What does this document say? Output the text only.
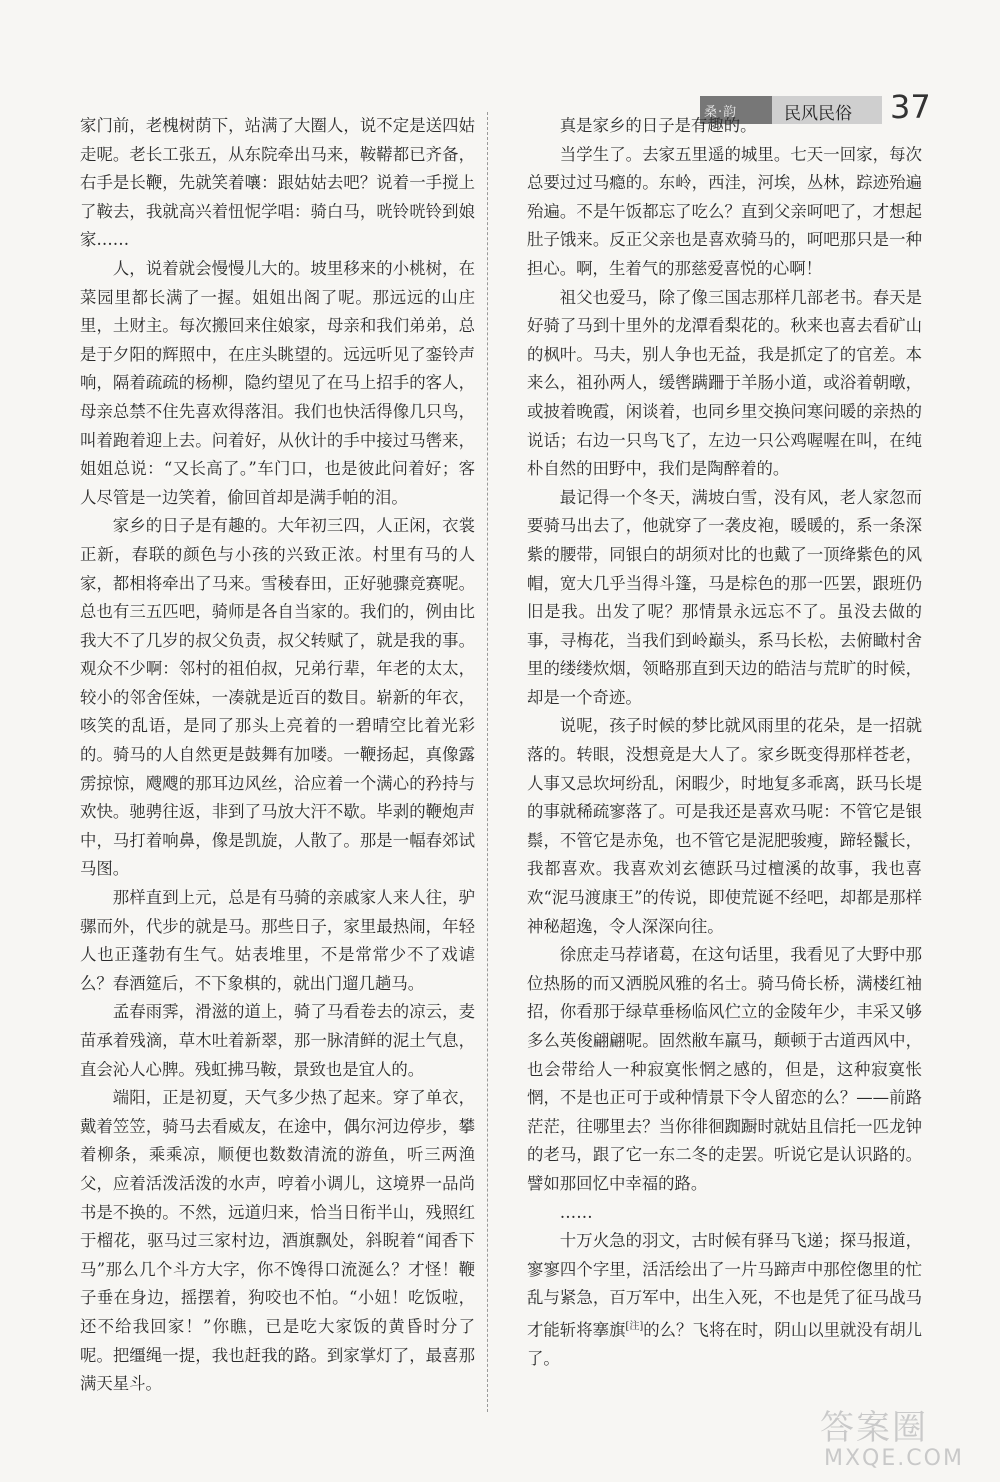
桑·韵	民风民俗 37

家门前，老槐树荫下，站满了大圈人，说不定是送四姑走呢。老长工张五，从东院牵出马来，鞍鞯都已齐备，右手是长鞭，先就笑着嚷：跟姑姑去吧？说着一手搅上了鞍去，我就高兴着忸怩学唱：骑白马，咣铃咣铃到娘家……

人，说着就会慢慢儿大的。坡里移来的小桃树，在菜园里都长满了一握。姐姐出阁了呢。那远远的山庄里，土财主。每次搬回来住娘家，母亲和我们弟弟，总是于夕阳的辉照中，在庄头眺望的。远远听见了銮铃声响，隔着疏疏的杨柳，隐约望见了在马上招手的客人，母亲总禁不住先喜欢得落泪。我们也快活得像几只鸟，叫着跑着迎上去。问着好，从伙计的手中接过马辔来，姐姐总说：“又长高了。”车门口，也是彼此问着好；客人尽管是一边笑着，偷回首却是满手帕的泪。

家乡的日子是有趣的。大年初三四，人正闲，衣裳正新，春联的颜色与小孩的兴致正浓。村里有马的人家，都相将牵出了马来。雪稜春田，正好驰骤竞赛呢。总也有三五匹吧，骑师是各自当家的。我们的，例由比我大不了几岁的叔父负责，叔父转赋了，就是我的事。观众不少啊：邻村的祖伯叔，兄弟行辈，年老的太太，较小的邻舍侄妹，一凑就是近百的数目。崭新的年衣，咳笑的乱语，是同了那头上亮着的一碧晴空比着光彩的。骑马的人自然更是鼓舞有加喽。一鞭扬起，真像露雳掠惊，飕飕的那耳边风丝，洽应着一个满心的矜持与欢快。驰骋往返，非到了马放大汗不歇。毕剥的鞭炮声中，马打着响鼻，像是凯旋，人散了。那是一幅春郊试马图。

那样直到上元，总是有马骑的亲戚家人来人往，驴骡而外，代步的就是马。那些日子，家里最热闹，年轻人也正蓬勃有生气。姑表堆里，不是常常少不了戏谑么？春酒筵后，不下象棋的，就出门遛几趟马。

孟春雨霁，滑滋的道上，骑了马看卷去的凉云，麦苗承着残滴，草木吐着新翠，那一脉清鲜的泥土气息，直会沁人心脾。残虹拂马鞍，景致也是宜人的。

端阳，正是初夏，天气多少热了起来。穿了单衣，戴着笠笠，骑马去看威友，在途中，偶尔河边停步，攀着柳条，乘乘凉，顺便也数数清流的游鱼，听三两渔父，应着活泼活泼的水声，哼着小调儿，这境界一品尚书是不换的。不然，远道归来，恰当日衔半山，残照红于榴花，驱马过三家村边，酒旗飘处，斜睨着“闻香下马”那么几个斗方大字，你不馋得口流涎么？才怪！鞭子垂在身边，摇摆着，狗咬也不怕。“小妞！吃饭啦，还不给我回家！”你瞧，已是吃大家饭的黄昏时分了呢。把缰绳一提，我也赶我的路。到家掌灯了，最喜那满天星斗。

真是家乡的日子是有趣的。

当学生了。去家五里遥的城里。七天一回家，每次总要过过马瘾的。东岭，西洼，河埃，丛林，踪迹殆遍殆遍。不是午饭都忘了吃么？直到父亲呵吧了，才想起肚子饿来。反正父亲也是喜欢骑马的，呵吧那只是一种担心。啊，生着气的那慈爱喜悦的心啊！

祖父也爱马，除了像三国志那样几部老书。春天是好骑了马到十里外的龙潭看梨花的。秋来也喜去看矿山的枫叶。马夫，别人争也无益，我是抓定了的官差。本来么，祖孙两人，缓辔蹒跚于羊肠小道，或浴着朝暾，或披着晚霞，闲谈着，也同乡里交换问寒问暖的亲热的说话；右边一只鸟飞了，左边一只公鸡喔喔在叫，在纯朴自然的田野中，我们是陶醉着的。

最记得一个冬天，满坡白雪，没有风，老人家忽而要骑马出去了，他就穿了一袭皮袍，暖暖的，系一条深紫的腰带，同银白的胡须对比的也戴了一顶绛紫色的风帽，宽大几乎当得斗篷，马是棕色的那一匹罢，跟班仍旧是我。出发了呢？那情景永远忘不了。虽没去做的事，寻梅花，当我们到岭巅头，系马长松，去俯瞰村舍里的缕缕炊烟，领略那直到天边的皓洁与荒旷的时候，却是一个奇迹。

说呢，孩子时候的梦比就风雨里的花朵，是一招就落的。转眼，没想竟是大人了。家乡既变得那样苍老，人事又忌坎坷纷乱，闲暇少，时地复多乖离，跃马长堤的事就稀疏寥落了。可是我还是喜欢马呢：不管它是银鬃，不管它是赤兔，也不管它是泥肥骏瘦，蹄轻鬣长，我都喜欢。我喜欢刘玄德跃马过檀溪的故事，我也喜欢“泥马渡康王”的传说，即使荒诞不经吧，却都是那样神秘超逸，令人深深向往。

徐庶走马荐诸葛，在这句话里，我看见了大野中那位热肠的而又洒脱风雅的名士。骑马倚长桥，满楼红袖招，你看那于绿草垂杨临风伫立的金陵年少，丰采又够多么英俊翩翩呢。固然敝车羸马，颠顿于古道西风中，也会带给人一种寂寞怅惘之感的，但是，这种寂寞怅惘，不是也正可于或种情景下令人留恋的么？——前路茫茫，往哪里去？当你徘徊踟蹰时就姑且信托一匹龙钟的老马，跟了它一东二冬的走罢。听说它是认识路的。譬如那回忆中幸福的路。

……

十万火急的羽文，古时候有驿马飞递；探马报道，寥寥四个字里，活活绘出了一片马蹄声中那倥偬里的忙乱与紧急，百万军中，出生入死，不也是凭了征马战马才能斩将搴旗[注]的么？飞将在时，阴山以里就没有胡儿了。

答案圈
MXQE.COM
